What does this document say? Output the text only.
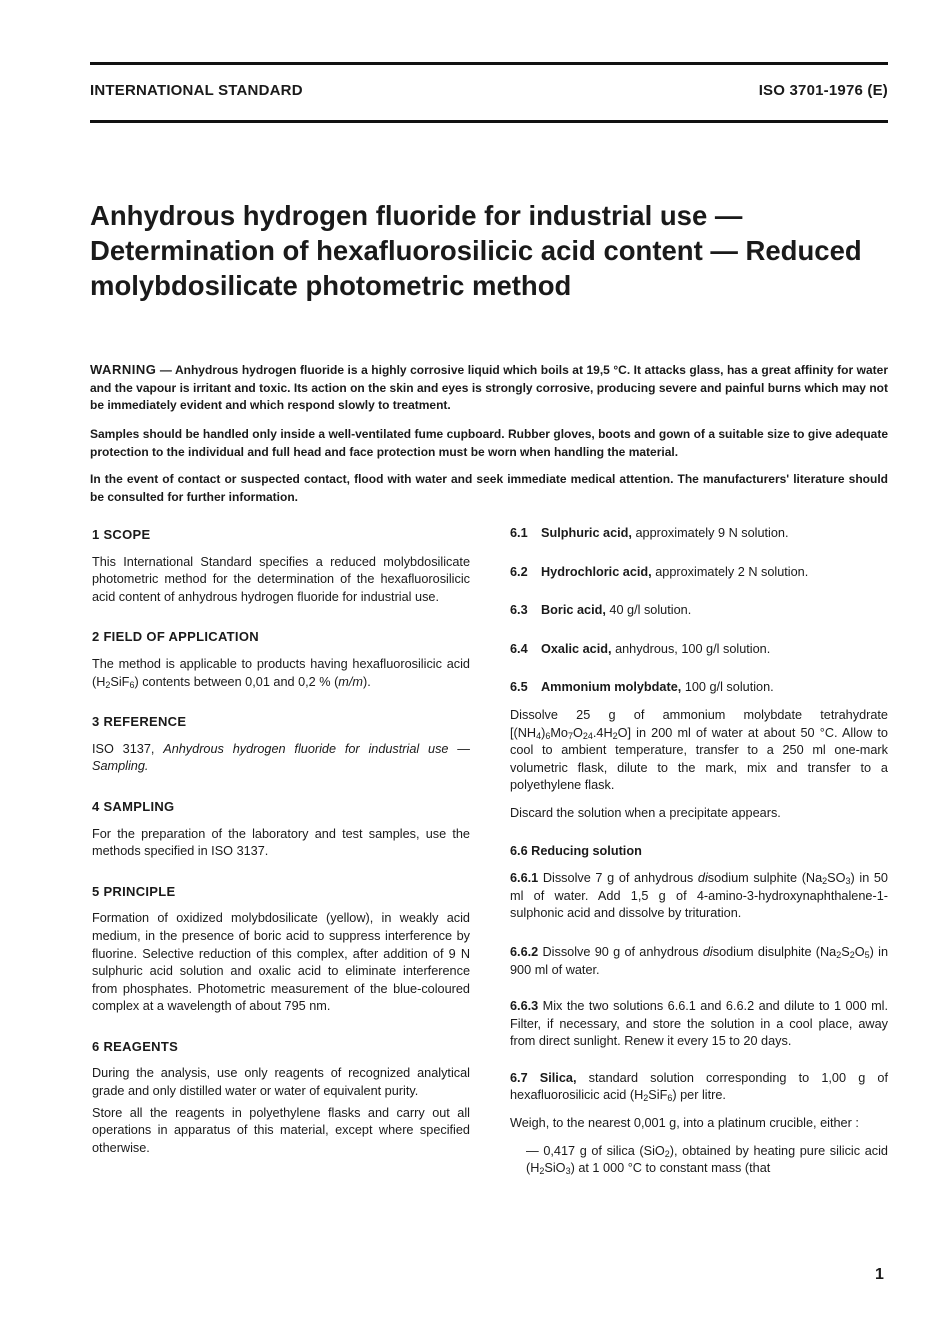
INTERNATIONAL STANDARD	ISO 3701-1976 (E)
Anhydrous hydrogen fluoride for industrial use —
Determination of hexafluorosilicic acid content — Reduced
molybdosilicate photometric method

WARNING — Anhydrous hydrogen fluoride is a highly corrosive liquid which boils at 19,5 °C. It attacks glass, has a great affinity for water and the vapour is irritant and toxic. Its action on the skin and eyes is strongly corrosive, producing severe and painful burns which may not be immediately evident and which respond slowly to treatment.

Samples should be handled only inside a well-ventilated fume cupboard. Rubber gloves, boots and gown of a suitable size to give adequate protection to the individual and full head and face protection must be worn when handling the material.

In the event of contact or suspected contact, flood with water and seek immediate medical attention. The manufacturers' literature should be consulted for further information.

1 SCOPE

This International Standard specifies a reduced molybdosilicate photometric method for the determination of the hexafluorosilicic acid content of anhydrous hydrogen fluoride for industrial use.

2 FIELD OF APPLICATION

The method is applicable to products having hexafluorosilicic acid $(H_2SiF_6)$ contents between 0,01 and 0,2 % (m/m).

3 REFERENCE

ISO 3137, Anhydrous hydrogen fluoride for industrial use — Sampling.

4 SAMPLING

For the preparation of the laboratory and test samples, use the methods specified in ISO 3137.

5 PRINCIPLE

Formation of oxidized molybdosilicate (yellow), in weakly acid medium, in the presence of boric acid to suppress interference by fluorine. Selective reduction of this complex, after addition of 9 N sulphuric acid solution and oxalic acid to eliminate interference from phosphates. Photometric measurement of the blue-coloured complex at a wavelength of about 795 nm.

6 REAGENTS

During the analysis, use only reagents of recognized analytical grade and only distilled water or water of equivalent purity.

Store all the reagents in polyethylene flasks and carry out all operations in apparatus of this material, except where specified otherwise.

6.1 Sulphuric acid, approximately 9 N solution.

6.2 Hydrochloric acid, approximately 2 N solution.

6.3 Boric acid, 40 g/l solution.

6.4 Oxalic acid, anhydrous, 100 g/l solution.

6.5 Ammonium molybdate, 100 g/l solution.

Dissolve 25 g of ammonium molybdate tetrahydrate $[(NH_4)_6Mo_7O_{24}.4H_2O]$ in 200 ml of water at about 50 °C. Allow to cool to ambient temperature, transfer to a 250 ml one-mark volumetric flask, dilute to the mark, mix and transfer to a polyethylene flask.

Discard the solution when a precipitate appears.

6.6 Reducing solution

6.6.1 Dissolve 7 g of anhydrous disodium sulphite $(Na_2SO_3)$ in 50 ml of water. Add 1,5 g of 4-amino-3-hydroxynaphthalene-1-sulphonic acid and dissolve by trituration.

6.6.2 Dissolve 90 g of anhydrous disodium disulphite $(Na_2S_2O_5)$ in 900 ml of water.

6.6.3 Mix the two solutions 6.6.1 and 6.6.2 and dilute to 1 000 ml. Filter, if necessary, and store the solution in a cool place, away from direct sunlight. Renew it every 15 to 20 days.

6.7 Silica, standard solution corresponding to 1,00 g of hexafluorosilicic acid $(H_2SiF_6)$ per litre.

Weigh, to the nearest 0,001 g, into a platinum crucible, either :

— 0,417 g of silica (SiO$_2$), obtained by heating pure silicic acid $(H_2SiO_3)$ at 1 000 °C to constant mass (that

1
